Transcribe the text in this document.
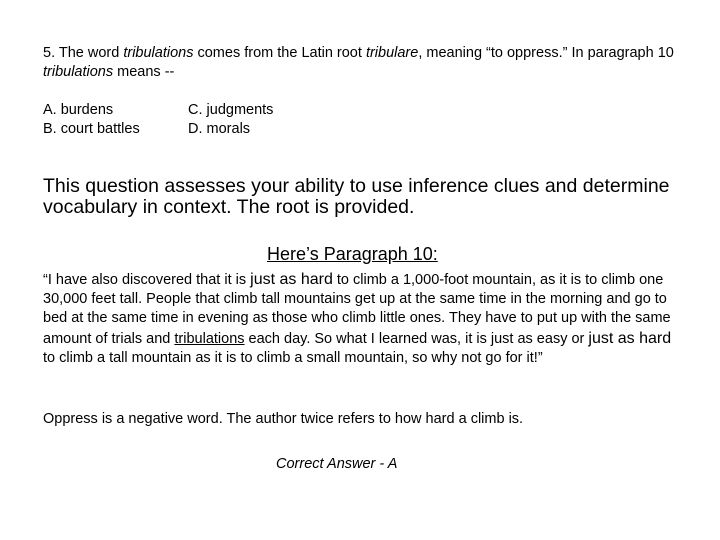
5. The word tribulations comes from the Latin root tribulare, meaning “to oppress.” In paragraph 10 tribulations means --
A. burdens	C. judgments
B. court battles	D. morals
This question assesses your ability to use inference clues and determine vocabulary in context. The root is provided.
Here’s Paragraph 10:
“I have also discovered that it is just as hard to climb a 1,000-foot mountain, as it is to climb one 30,000 feet tall. People that climb tall mountains get up at the same time in the morning and go to bed at the same time in evening as those who climb little ones. They have to put up with the same amount of trials and tribulations each day. So what I learned was, it is just as easy or just as hard to climb a tall mountain as it is to climb a small mountain, so why not go for it!”
Oppress is a negative word. The author twice refers to how hard a climb is.
Correct Answer - A
